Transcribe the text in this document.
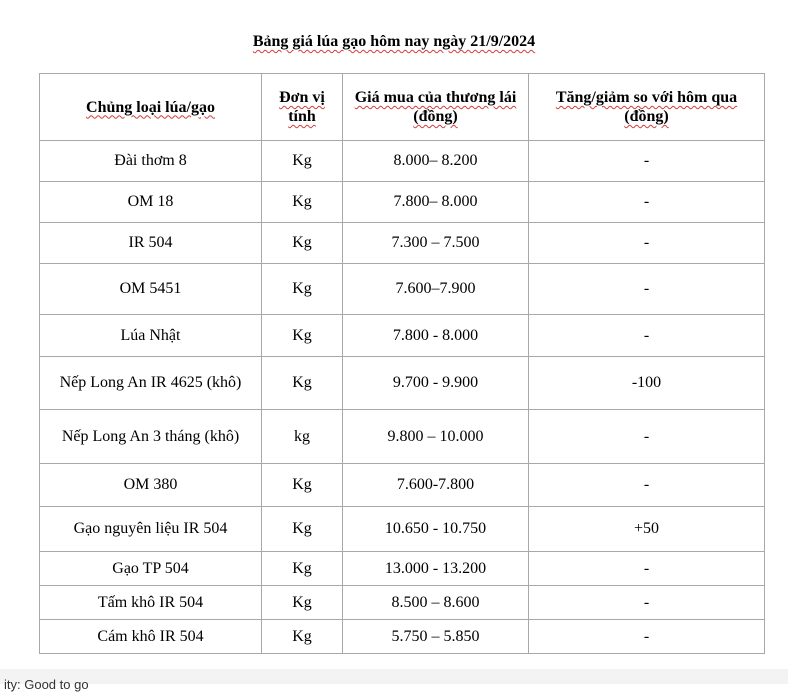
Bảng giá lúa gạo hôm nay ngày 21/9/2024
Chủng loại lúa/gạo	Đơn vị tính	Giá mua của thương lái (đồng)	Tăng/giảm so với hôm qua (đồng)
Đài thơm 8	Kg	8.000– 8.200	-
OM 18	Kg	7.800– 8.000	-
IR 504	Kg	7.300 – 7.500	-
OM 5451	Kg	7.600–7.900	-
Lúa Nhật	Kg	7.800 - 8.000	-
Nếp Long An IR 4625 (khô)	Kg	9.700 - 9.900	-100
Nếp Long An 3 tháng (khô)	kg	9.800 – 10.000	-
OM 380	Kg	7.600-7.800	-
Gạo nguyên liệu IR 504	Kg	10.650 - 10.750	+50
Gạo TP 504	Kg	13.000 - 13.200	-
Tấm khô IR 504	Kg	8.500 – 8.600	-
Cám khô IR 504	Kg	5.750 – 5.850	-
ity: Good to go
